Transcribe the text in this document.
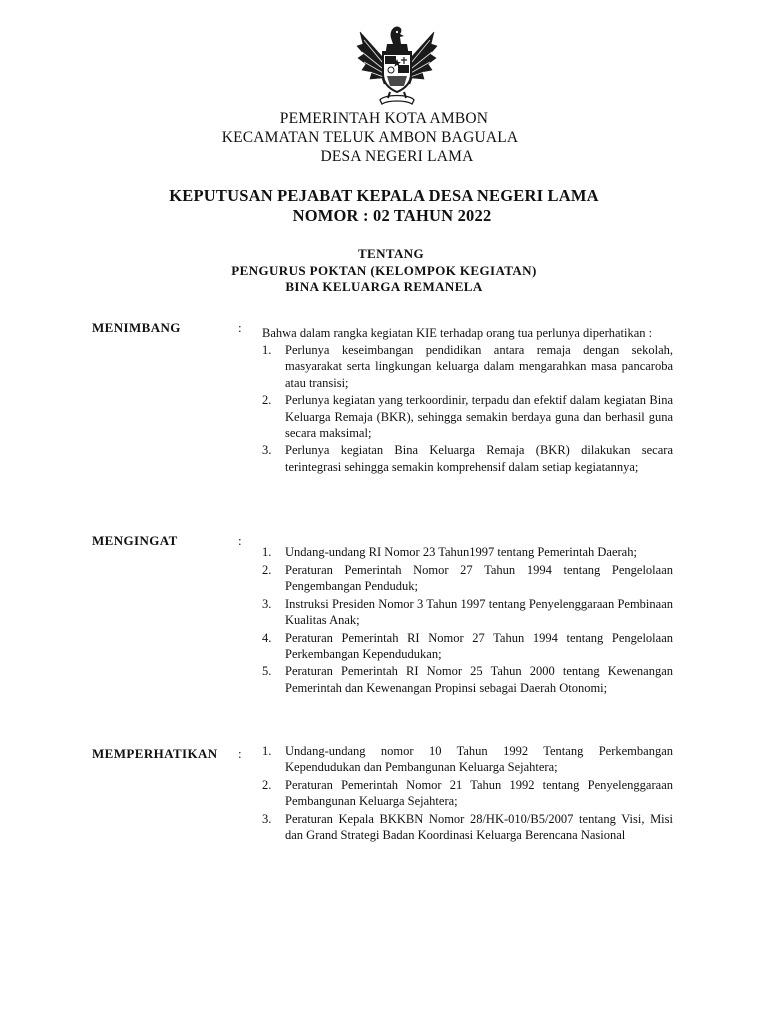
PEMERINTAH KOTA AMBON
KECAMATAN TELUK AMBON BAGUALA
DESA NEGERI LAMA
KEPUTUSAN PEJABAT KEPALA DESA NEGERI LAMA
NOMOR : 02 TAHUN 2022
TENTANG
PENGURUS POKTAN (KELOMPOK KEGIATAN)
BINA KELUARGA REMANELA
MENIMBANG	: Bahwa dalam rangka kegiatan KIE terhadap orang tua perlunya diperhatikan :

1.	Perlunya keseimbangan pendidikan antara remaja dengan sekolah, masyarakat serta lingkungan keluarga dalam mengarahkan masa pancaroba atau transisi;
2.	Perlunya kegiatan yang terkoordinir, terpadu dan efektif dalam kegiatan Bina Keluarga Remaja (BKR), sehingga semakin berdaya guna dan berhasil guna secara maksimal;
3.	Perlunya kegiatan Bina Keluarga Remaja (BKR) dilakukan secara terintegrasi sehingga semakin komprehensif dalam setiap kegiatannya;
MENGINGAT	:
1.	Undang-undang RI Nomor 23 Tahun1997 tentang Pemerintah Daerah;
2.	Peraturan Pemerintah Nomor 27 Tahun 1994 tentang Pengelolaan Pengembangan Penduduk;
3.	Instruksi Presiden Nomor 3 Tahun 1997 tentang Penyelenggaraan Pembinaan Kualitas Anak;
4.	Peraturan Pemerintah RI Nomor 27 Tahun 1994 tentang Pengelolaan Perkembangan Kependudukan;
5.	Peraturan Pemerintah RI Nomor 25 Tahun 2000 tentang Kewenangan Pemerintah dan Kewenangan Propinsi sebagai Daerah Otonomi;
MEMPERHATIKAN : 1.	Undang-undang nomor 10 Tahun 1992 Tentang Perkembangan Kependudukan dan Pembangunan Keluarga Sejahtera;
2.	Peraturan Pemerintah Nomor 21 Tahun 1992 tentang Penyelenggaraan Pembangunan Keluarga Sejahtera;
3.	Peraturan Kepala BKKBN Nomor 28/HK-010/B5/2007 tentang Visi, Misi dan Grand Strategi Badan Koordinasi Keluarga Berencana Nasional
